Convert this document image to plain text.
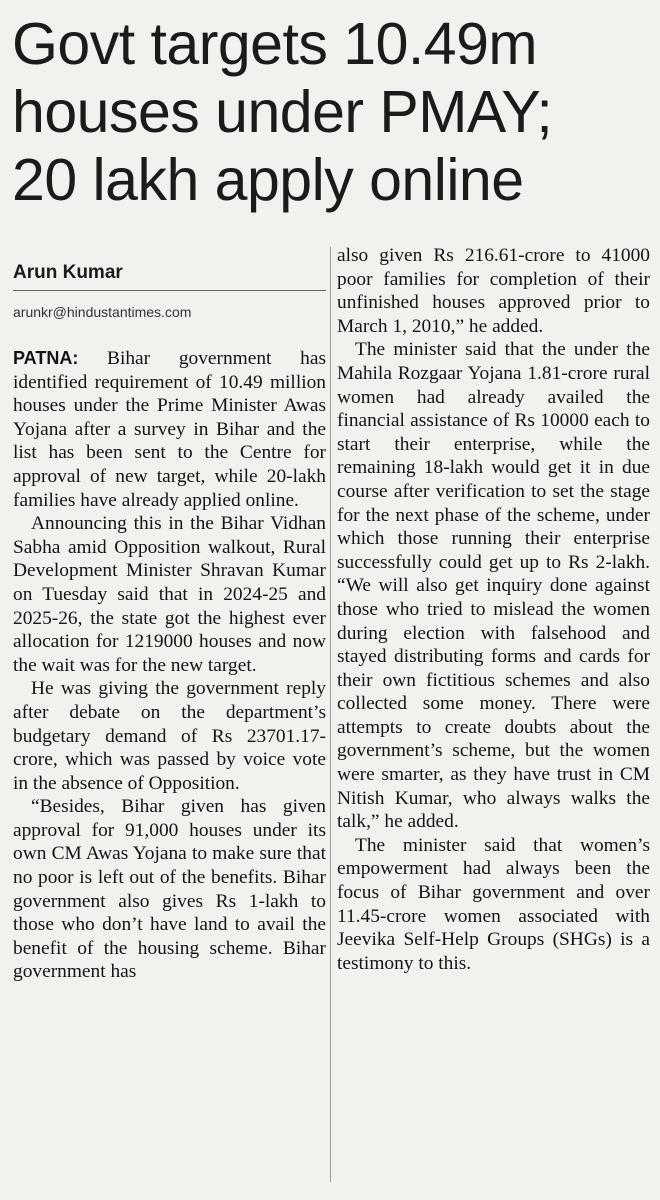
Govt targets 10.49m
houses under PMAY;
20 lakh apply online

Arun Kumar

arunkr@hindustantimes.com

PATNA: Bihar government has identified requirement of 10.49 million houses under the Prime Minister Awas Yojana after a survey in Bihar and the list has been sent to the Centre for approval of new target, while 20-lakh families have already applied online.

Announcing this in the Bihar Vidhan Sabha amid Opposition walkout, Rural Development Minister Shravan Kumar on Tuesday said that in 2024-25 and 2025-26, the state got the highest ever allocation for 1219000 houses and now the wait was for the new target.

He was giving the government reply after debate on the department’s budgetary demand of Rs 23701.17-crore, which was passed by voice vote in the absence of Opposition.

“Besides, Bihar given has given approval for 91,000 houses under its own CM Awas Yojana to make sure that no poor is left out of the benefits. Bihar government also gives Rs 1-lakh to those who don’t have land to avail the benefit of the housing scheme. Bihar government has

also given Rs 216.61-crore to 41000 poor families for completion of their unfinished houses approved prior to March 1, 2010,” he added.

The minister said that the under the Mahila Rozgaar Yojana 1.81-crore rural women had already availed the financial assistance of Rs 10000 each to start their enterprise, while the remaining 18-lakh would get it in due course after verification to set the stage for the next phase of the scheme, under which those running their enterprise successfully could get up to Rs 2-lakh. “We will also get inquiry done against those who tried to mislead the women during election with falsehood and stayed distributing forms and cards for their own fictitious schemes and also collected some money. There were attempts to create doubts about the government’s scheme, but the women were smarter, as they have trust in CM Nitish Kumar, who always walks the talk,” he added.

The minister said that women’s empowerment had always been the focus of Bihar government and over 11.45-crore women associated with Jeevika Self-Help Groups (SHGs) is a testimony to this.
